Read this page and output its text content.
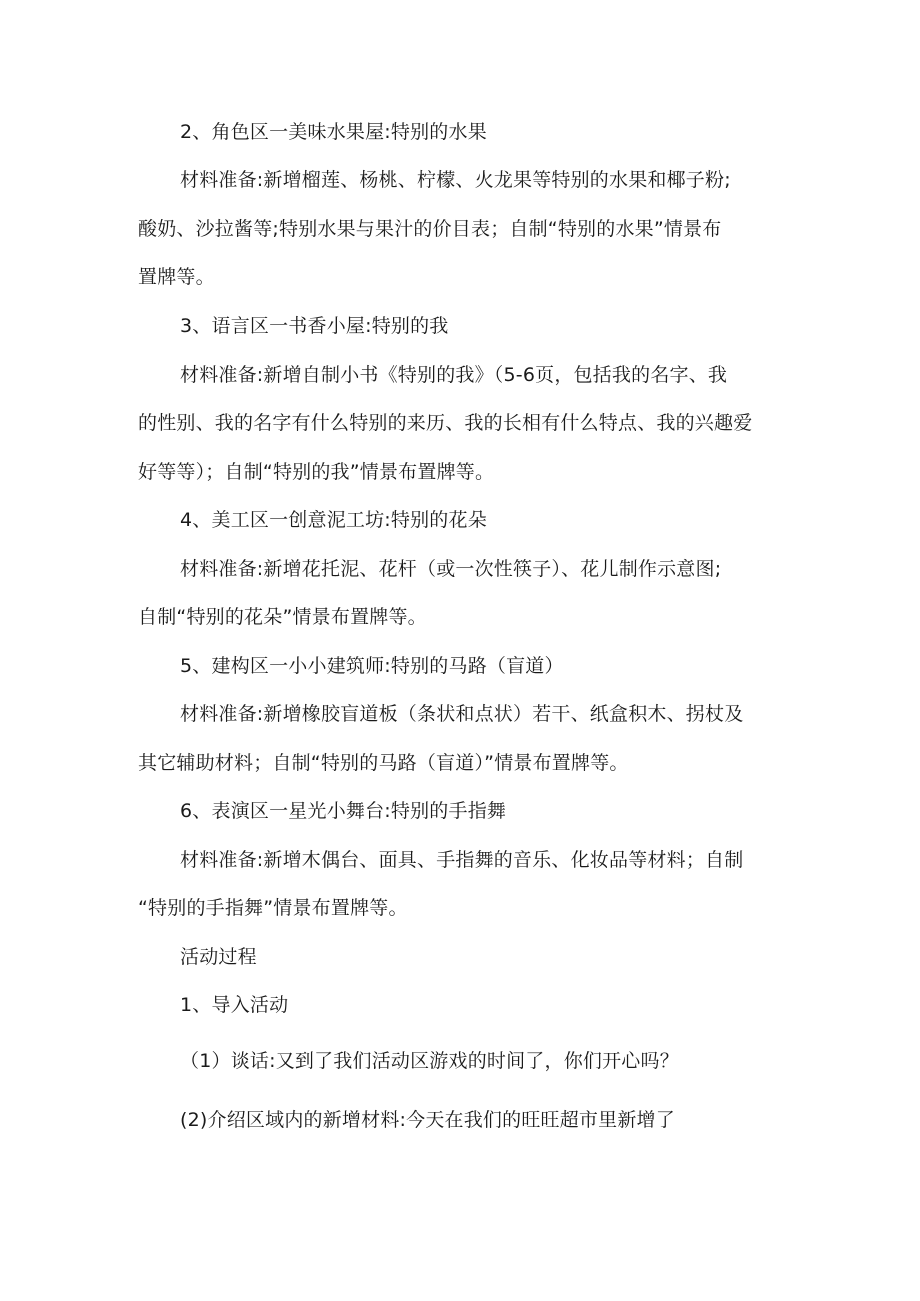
2、角色区一美味水果屋:特别的水果
材料准备:新增榴莲、杨桃、柠檬、火龙果等特别的水果和椰子粉;
酸奶、沙拉酱等;特别水果与果汁的价目表；自制“特别的水果”情景布
置牌等。
3、语言区一书香小屋:特别的我
材料准备:新增自制小书《特别的我》（5-6页，包括我的名字、我
的性别、我的名字有什么特别的来历、我的长相有什么特点、我的兴趣爱
好等等）；自制“特别的我”情景布置牌等。
4、美工区一创意泥工坊:特别的花朵
材料准备:新增花托泥、花杆（或一次性筷子）、花儿制作示意图;
自制“特别的花朵”情景布置牌等。
5、建构区一小小建筑师:特别的马路（盲道）
材料准备:新增橡胶盲道板（条状和点状）若干、纸盒积木、拐杖及
其它辅助材料；自制“特别的马路（盲道）”情景布置牌等。
6、表演区一星光小舞台:特别的手指舞
材料准备:新增木偶台、面具、手指舞的音乐、化妆品等材料；自制
“特别的手指舞”情景布置牌等。
活动过程
1、导入活动
（1）谈话:又到了我们活动区游戏的时间了，你们开心吗？
(2)介绍区域内的新增材料:今天在我们的旺旺超市里新增了
